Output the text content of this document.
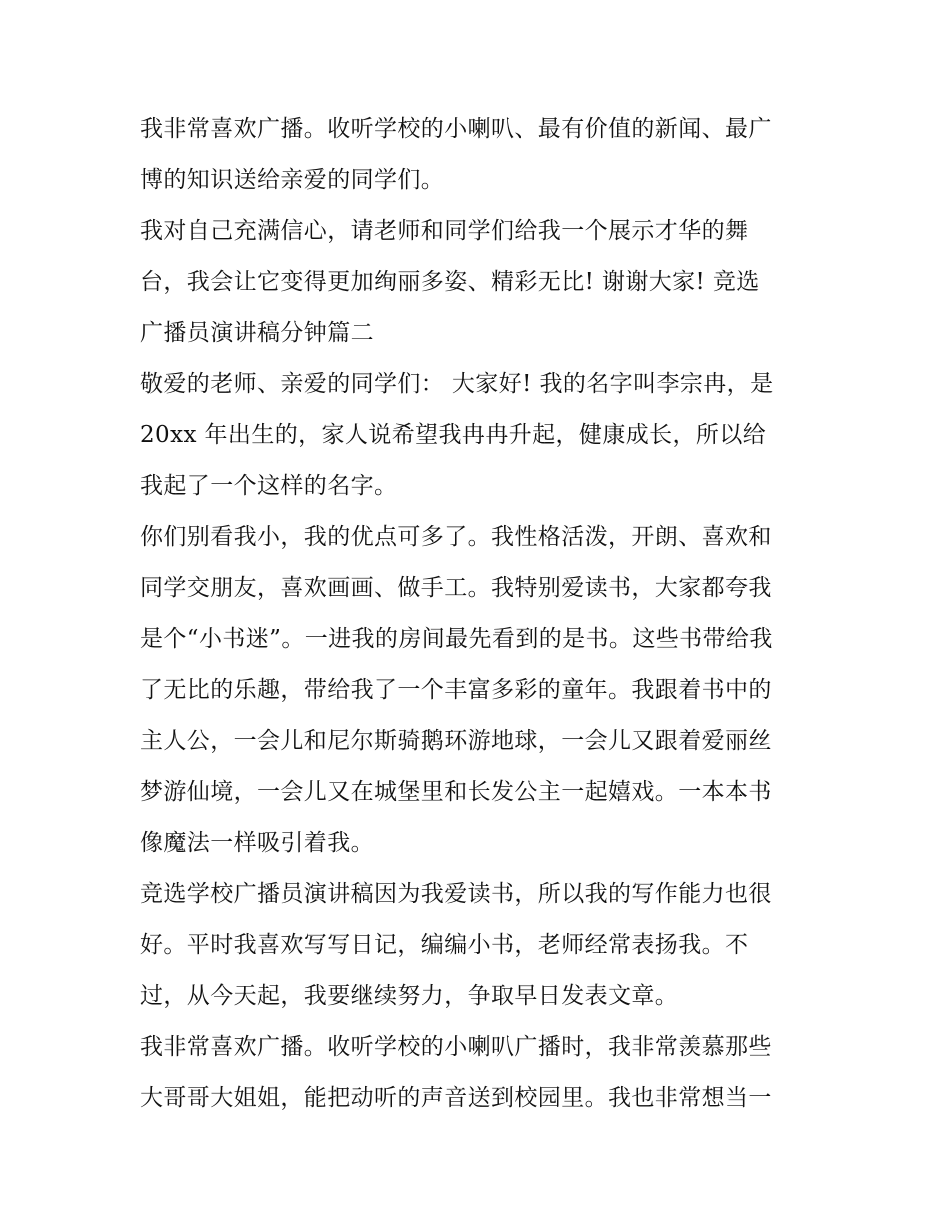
我非常喜欢广播。收听学校的小喇叭、最有价值的新闻、最广
博的知识送给亲爱的同学们。
我对自己充满信心，请老师和同学们给我一个展示才华的舞
台，我会让它变得更加绚丽多姿、精彩无比! 谢谢大家! 竞选
广播员演讲稿分钟篇二
敬爱的老师、亲爱的同学们： 大家好! 我的名字叫李宗冉，是
20xx 年出生的，家人说希望我冉冉升起，健康成长，所以给
我起了一个这样的名字。
你们别看我小，我的优点可多了。我性格活泼，开朗、喜欢和
同学交朋友，喜欢画画、做手工。我特别爱读书，大家都夸我
是个“小书迷”。一进我的房间最先看到的是书。这些书带给我
了无比的乐趣，带给我了一个丰富多彩的童年。我跟着书中的
主人公，一会儿和尼尔斯骑鹅环游地球，一会儿又跟着爱丽丝
梦游仙境，一会儿又在城堡里和长发公主一起嬉戏。一本本书
像魔法一样吸引着我。
竞选学校广播员演讲稿因为我爱读书，所以我的写作能力也很
好。平时我喜欢写写日记，编编小书，老师经常表扬我。不
过，从今天起，我要继续努力，争取早日发表文章。
我非常喜欢广播。收听学校的小喇叭广播时，我非常羡慕那些
大哥哥大姐姐，能把动听的声音送到校园里。我也非常想当一
